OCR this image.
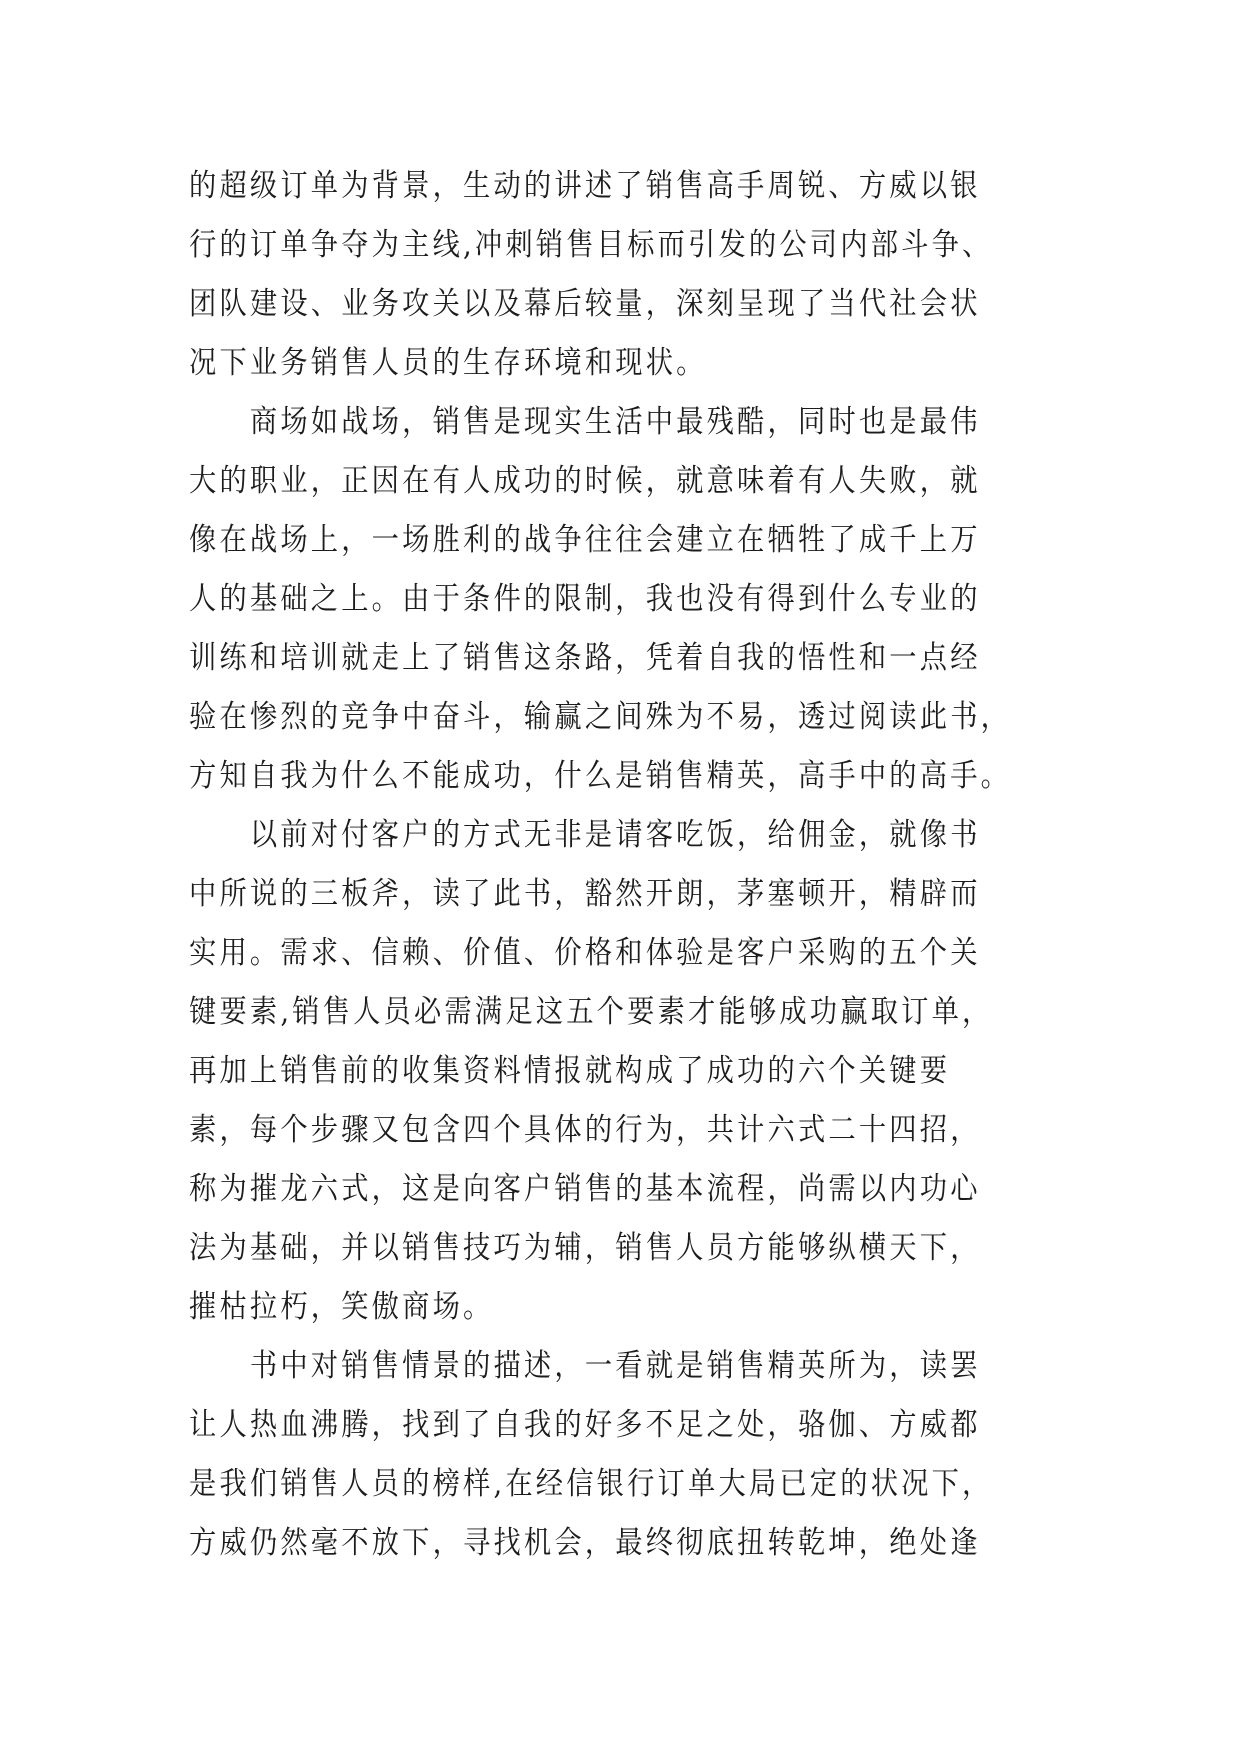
的超级订单为背景，生动的讲述了销售高手周锐、方威以银
行的订单争夺为主线,冲刺销售目标而引发的公司内部斗争、
团队建设、业务攻关以及幕后较量，深刻呈现了当代社会状
况下业务销售人员的生存环境和现状。
　　商场如战场，销售是现实生活中最残酷，同时也是最伟
大的职业，正因在有人成功的时候，就意味着有人失败，就
像在战场上，一场胜利的战争往往会建立在牺牲了成千上万
人的基础之上。由于条件的限制，我也没有得到什么专业的
训练和培训就走上了销售这条路，凭着自我的悟性和一点经
验在惨烈的竞争中奋斗，输赢之间殊为不易，透过阅读此书，
方知自我为什么不能成功，什么是销售精英，高手中的高手。
　　以前对付客户的方式无非是请客吃饭，给佣金，就像书
中所说的三板斧，读了此书，豁然开朗，茅塞顿开，精辟而
实用。需求、信赖、价值、价格和体验是客户采购的五个关
键要素,销售人员必需满足这五个要素才能够成功赢取订单，
再加上销售前的收集资料情报就构成了成功的六个关键要
素，每个步骤又包含四个具体的行为，共计六式二十四招，
称为摧龙六式，这是向客户销售的基本流程，尚需以内功心
法为基础，并以销售技巧为辅，销售人员方能够纵横天下，
摧枯拉朽，笑傲商场。
　　书中对销售情景的描述，一看就是销售精英所为，读罢
让人热血沸腾，找到了自我的好多不足之处，骆伽、方威都
是我们销售人员的榜样,在经信银行订单大局已定的状况下，
方威仍然毫不放下，寻找机会，最终彻底扭转乾坤，绝处逢
